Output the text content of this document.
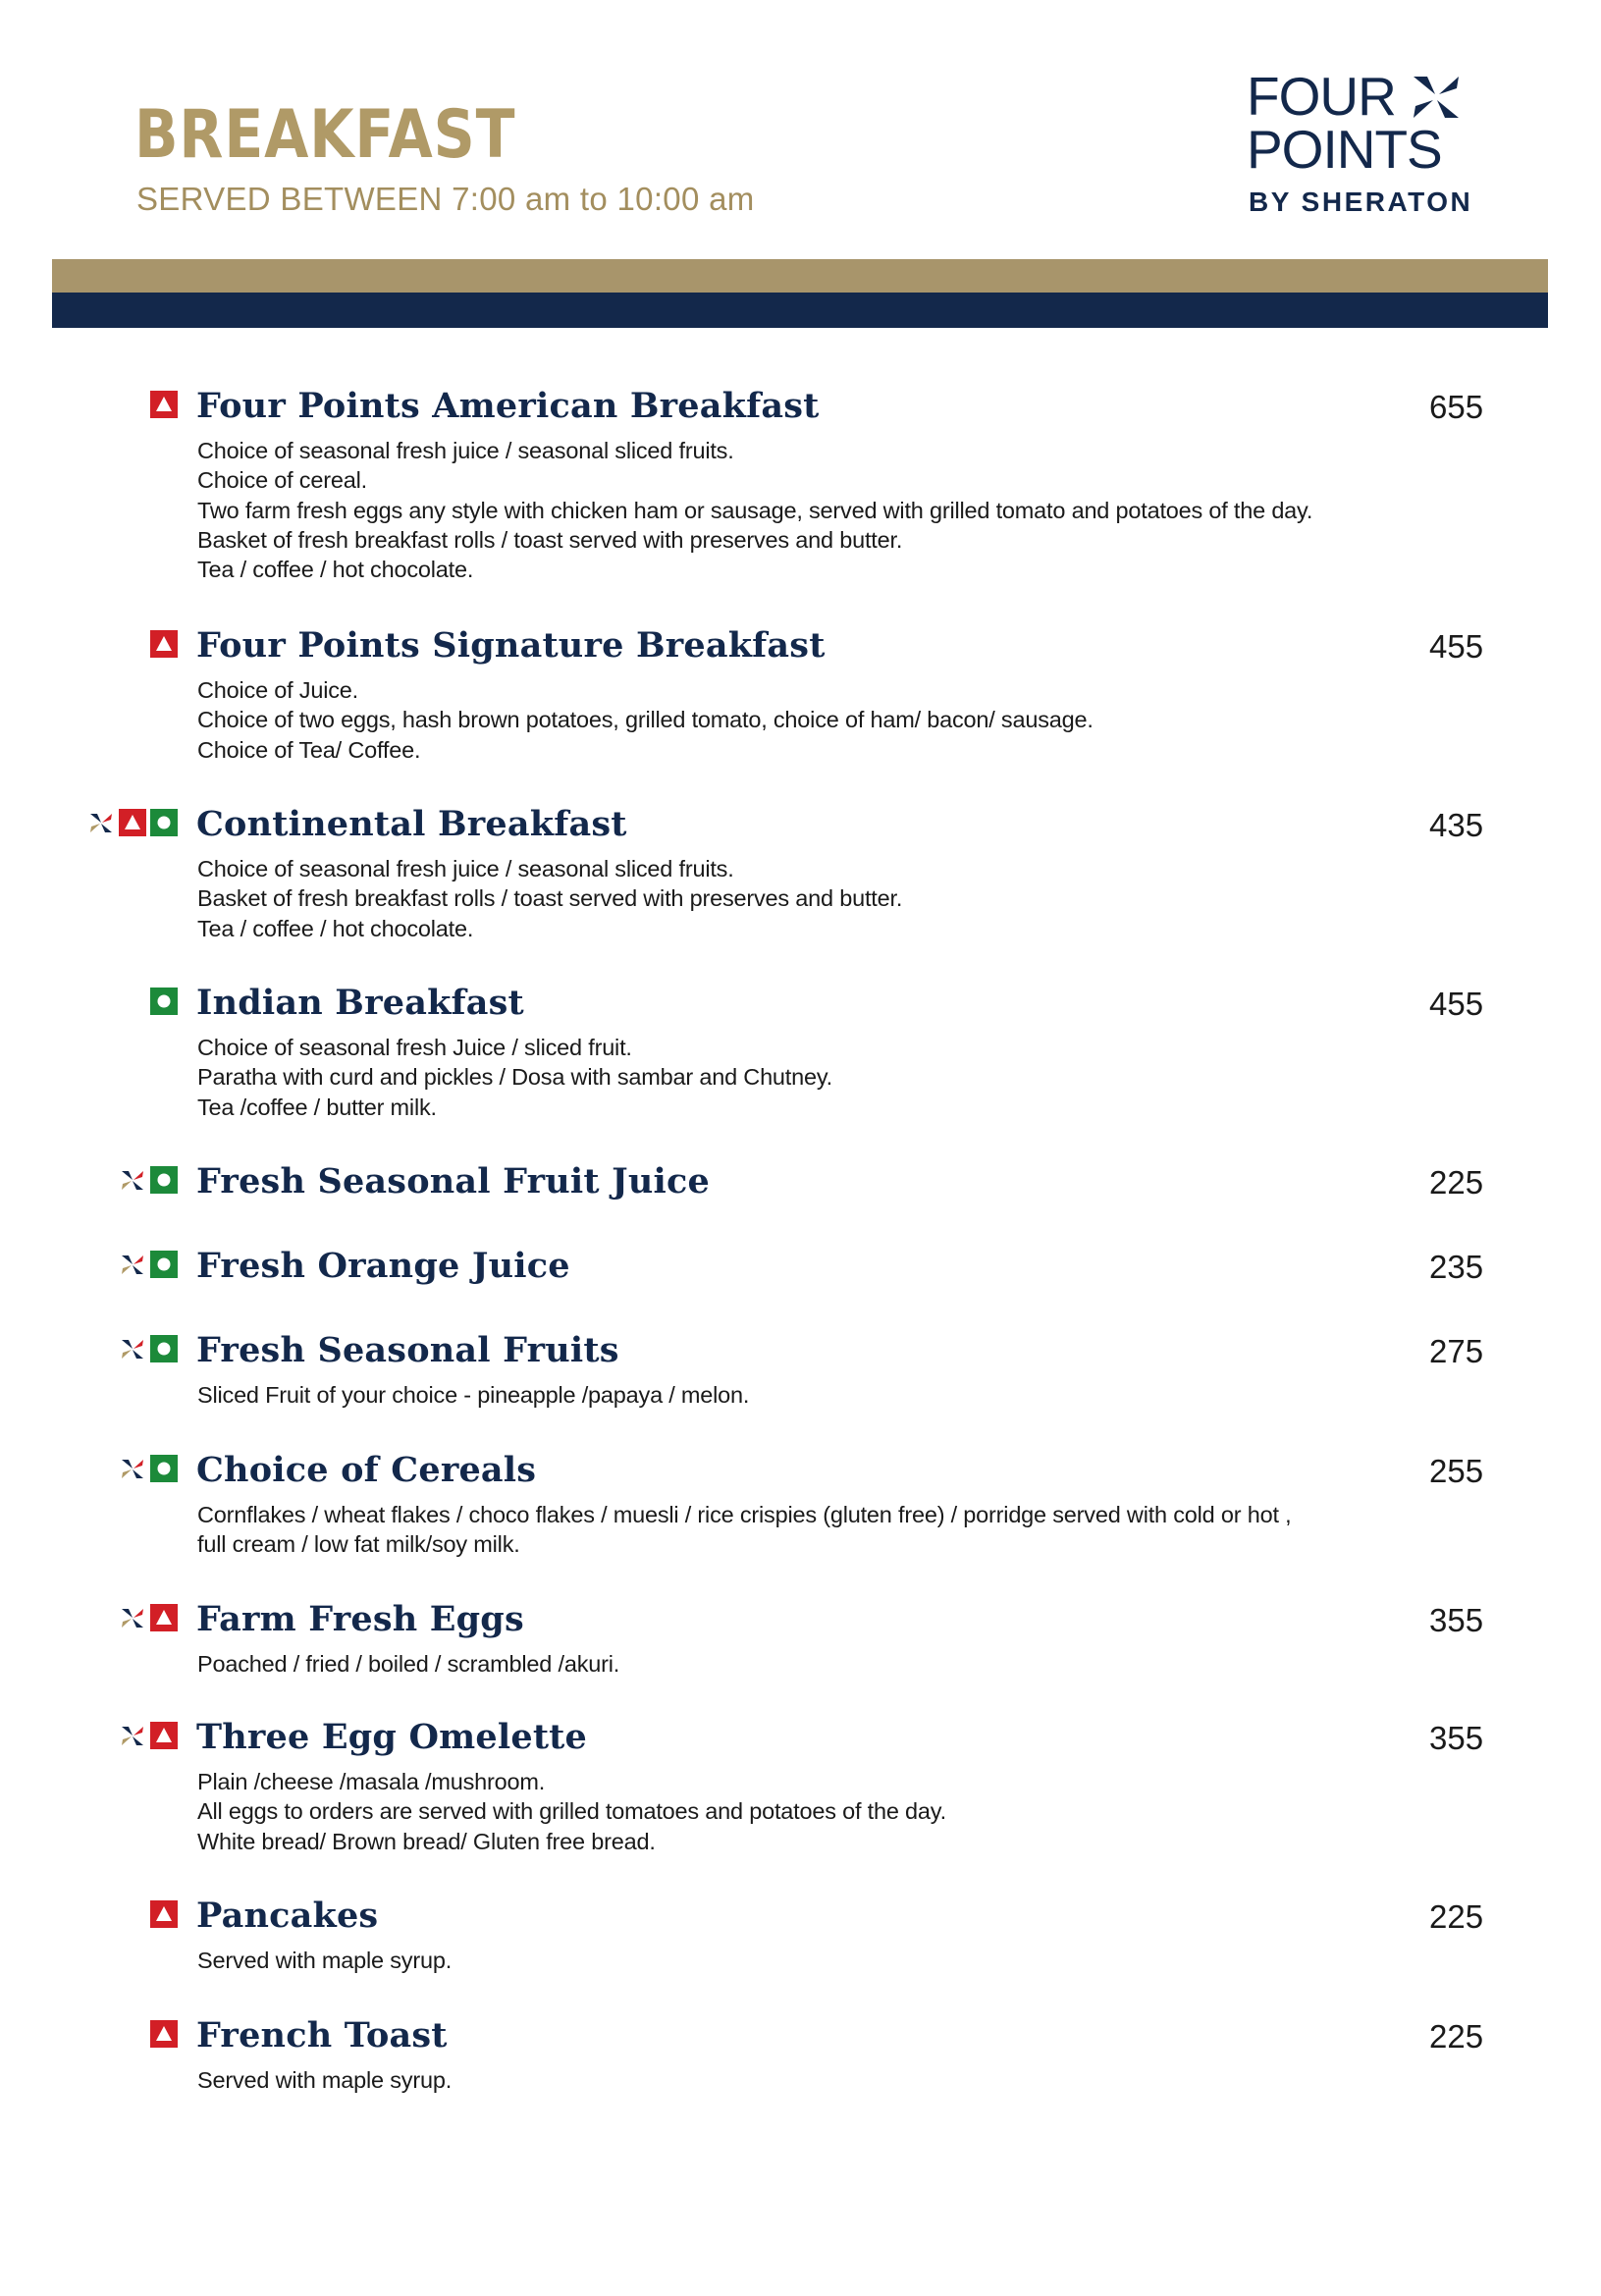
BREAKFAST
SERVED BETWEEN 7:00 am to 10:00 am
FOUR
POINTS
BY SHERATON
Four Points American Breakfast	655
Choice of seasonal fresh juice / seasonal sliced fruits.
Choice of cereal.
Two farm fresh eggs any style with chicken ham or sausage, served with grilled tomato and potatoes of the day.
Basket of fresh breakfast rolls / toast served with preserves and butter.
Tea / coffee / hot chocolate.
Four Points Signature Breakfast	455
Choice of Juice.
Choice of two eggs, hash brown potatoes, grilled tomato, choice of ham/ bacon/ sausage.
Choice of Tea/ Coffee.
Continental Breakfast	435
Choice of seasonal fresh juice / seasonal sliced fruits.
Basket of fresh breakfast rolls / toast served with preserves and butter.
Tea / coffee / hot chocolate.
Indian Breakfast	455
Choice of seasonal fresh Juice / sliced fruit.
Paratha with curd and pickles / Dosa with sambar and Chutney.
Tea /coffee / butter milk.
Fresh Seasonal Fruit Juice	225
Fresh Orange Juice	235
Fresh Seasonal Fruits	275
Sliced Fruit of your choice - pineapple /papaya / melon.
Choice of Cereals	255
Cornflakes / wheat flakes / choco flakes / muesli / rice crispies (gluten free) / porridge served with cold or hot ,
full cream / low fat milk/soy milk.
Farm Fresh Eggs	355
Poached / fried / boiled / scrambled /akuri.
Three Egg Omelette	355
Plain /cheese /masala /mushroom.
All eggs to orders are served with grilled tomatoes and potatoes of the day.
White bread/ Brown bread/ Gluten free bread.
Pancakes	225
Served with maple syrup.
French Toast	225
Served with maple syrup.
